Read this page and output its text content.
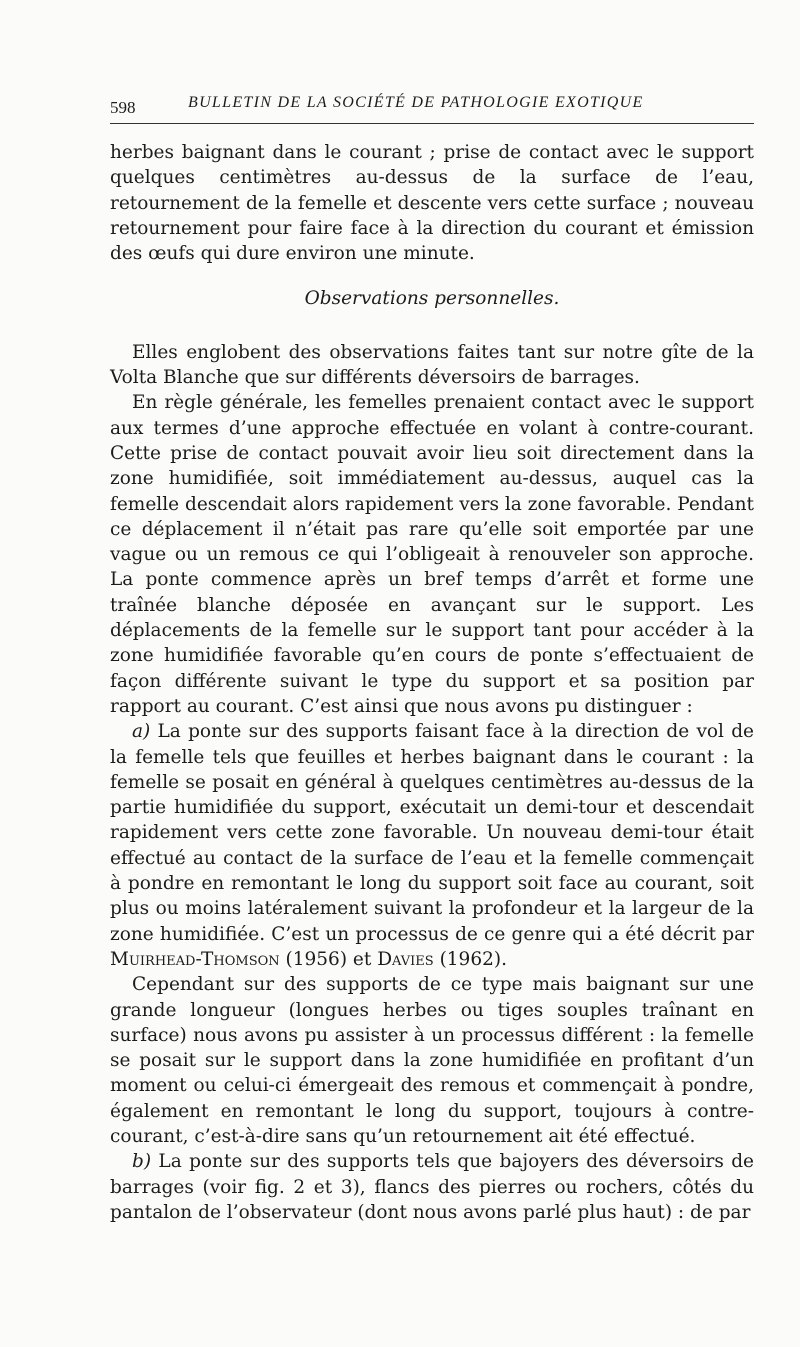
598	BULLETIN DE LA SOCIÉTÉ DE PATHOLOGIE EXOTIQUE

herbes baignant dans le courant ; prise de contact avec le support quelques centimètres au-dessus de la surface de l’eau, retournement de la femelle et descente vers cette surface ; nouveau retournement pour faire face à la direction du courant et émission des œufs qui dure environ une minute.

Observations personnelles.

Elles englobent des observations faites tant sur notre gîte de la Volta Blanche que sur différents déversoirs de barrages.

En règle générale, les femelles prenaient contact avec le support aux termes d’une approche effectuée en volant à contre-courant. Cette prise de contact pouvait avoir lieu soit directement dans la zone humidifiée, soit immédiatement au-dessus, auquel cas la femelle descendait alors rapidement vers la zone favorable. Pendant ce déplacement il n’était pas rare qu’elle soit emportée par une vague ou un remous ce qui l’obligeait à renouveler son approche. La ponte commence après un bref temps d’arrêt et forme une traînée blanche déposée en avançant sur le support. Les déplacements de la femelle sur le support tant pour accéder à la zone humidifiée favorable qu’en cours de ponte s’effectuaient de façon différente suivant le type du support et sa position par rapport au courant. C’est ainsi que nous avons pu distinguer :

a) La ponte sur des supports faisant face à la direction de vol de la femelle tels que feuilles et herbes baignant dans le courant : la femelle se posait en général à quelques centimètres au-dessus de la partie humidifiée du support, exécutait un demi-tour et descendait rapidement vers cette zone favorable. Un nouveau demi-tour était effectué au contact de la surface de l’eau et la femelle commençait à pondre en remontant le long du support soit face au courant, soit plus ou moins latéralement suivant la profondeur et la largeur de la zone humidifiée. C’est un processus de ce genre qui a été décrit par Muirhead-Thomson (1956) et Davies (1962).

Cependant sur des supports de ce type mais baignant sur une grande longueur (longues herbes ou tiges souples traînant en surface) nous avons pu assister à un processus différent : la femelle se posait sur le support dans la zone humidifiée en profitant d’un moment ou celui-ci émergeait des remous et commençait à pondre, également en remontant le long du support, toujours à contre-courant, c’est-à-dire sans qu’un retournement ait été effectué.

b) La ponte sur des supports tels que bajoyers des déversoirs de barrages (voir fig. 2 et 3), flancs des pierres ou rochers, côtés du pantalon de l’observateur (dont nous avons parlé plus haut) : de par
